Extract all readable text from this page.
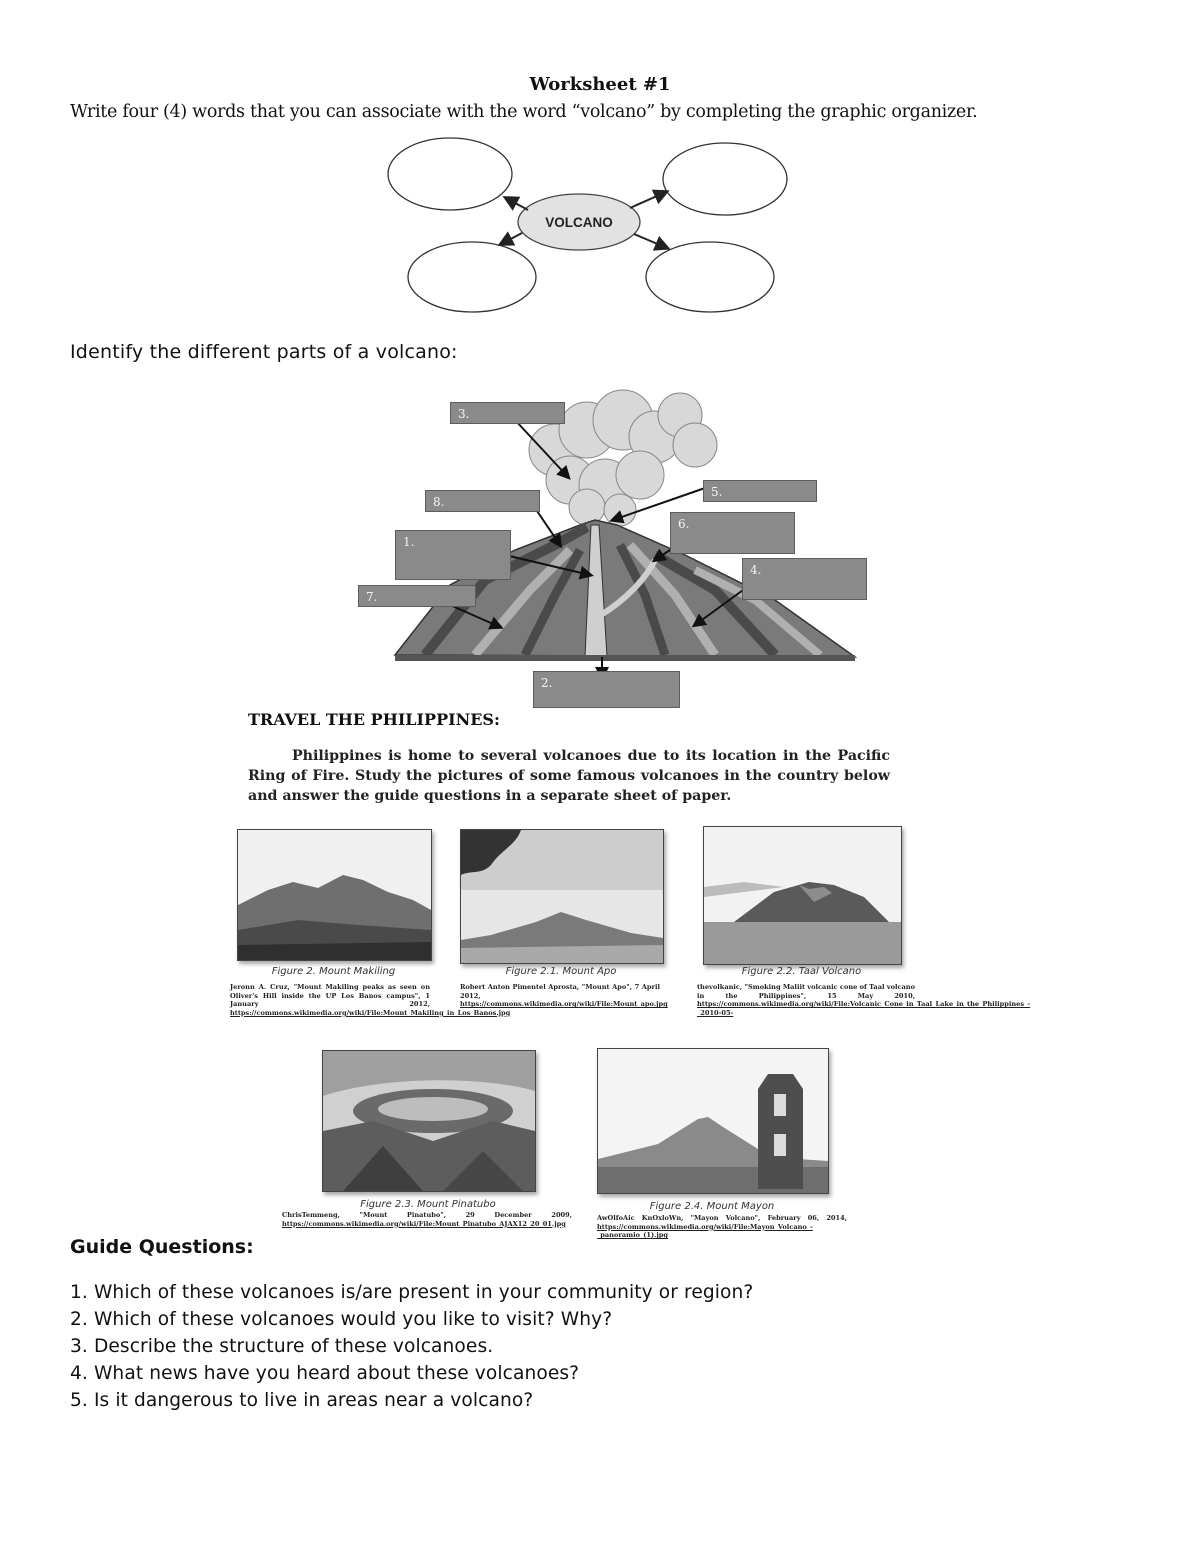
Worksheet #1
Write four (4) words that you can associate with the word “volcano” by completing the graphic organizer.
VOLCANO
Identify the different parts of a volcano:
1.
2.
3.
4.
5.
6.
7.
8.
TRAVEL THE PHILIPPINES:
Philippines is home to several volcanoes due to its location in the Pacific Ring of Fire. Study the pictures of some famous volcanoes in the country below and answer the guide questions in a separate sheet of paper.
Figure 2. Mount Makiling
Jeronn A. Cruz, "Mount Makiling peaks as seen on Oliver's Hill inside the UP Los Banos campus", 1 January 2012, https://commons.wikimedia.org/wiki/File:Mount_Makiling_in_Los_Banos.jpg
Figure 2.1. Mount Apo
Robert Anton Pimentel Aprosta, "Mount Apo", 7 April 2012, https://commons.wikimedia.org/wiki/File:Mount_apo.jpg
Figure 2.2. Taal Volcano
thevolkanic, "Smoking Maliit volcanic cone of Taal volcano in the Philippines", 15 May 2010, https://commons.wikimedia.org/wiki/File:Volcanic_Cone_in_Taal_Lake_in_the_Philippines_-_2010-05-
Figure 2.3. Mount Pinatubo
ChrisTemmeng, "Mount Pinatubo", 29 December 2009, https://commons.wikimedia.org/wiki/File:Mount_Pinatubo_AJAX12_20_01.jpg
Figure 2.4. Mount Mayon
AwOlfoAic KnOxloWn, "Mayon Volcano", February 06, 2014, https://commons.wikimedia.org/wiki/File:Mayon_Volcano_-_panoramio_(1).jpg
Guide Questions:
1. Which of these volcanoes is/are present in your community or region?
2. Which of these volcanoes would you like to visit? Why?
3. Describe the structure of these volcanoes.
4. What news have you heard about these volcanoes?
5. Is it dangerous to live in areas near a volcano?
